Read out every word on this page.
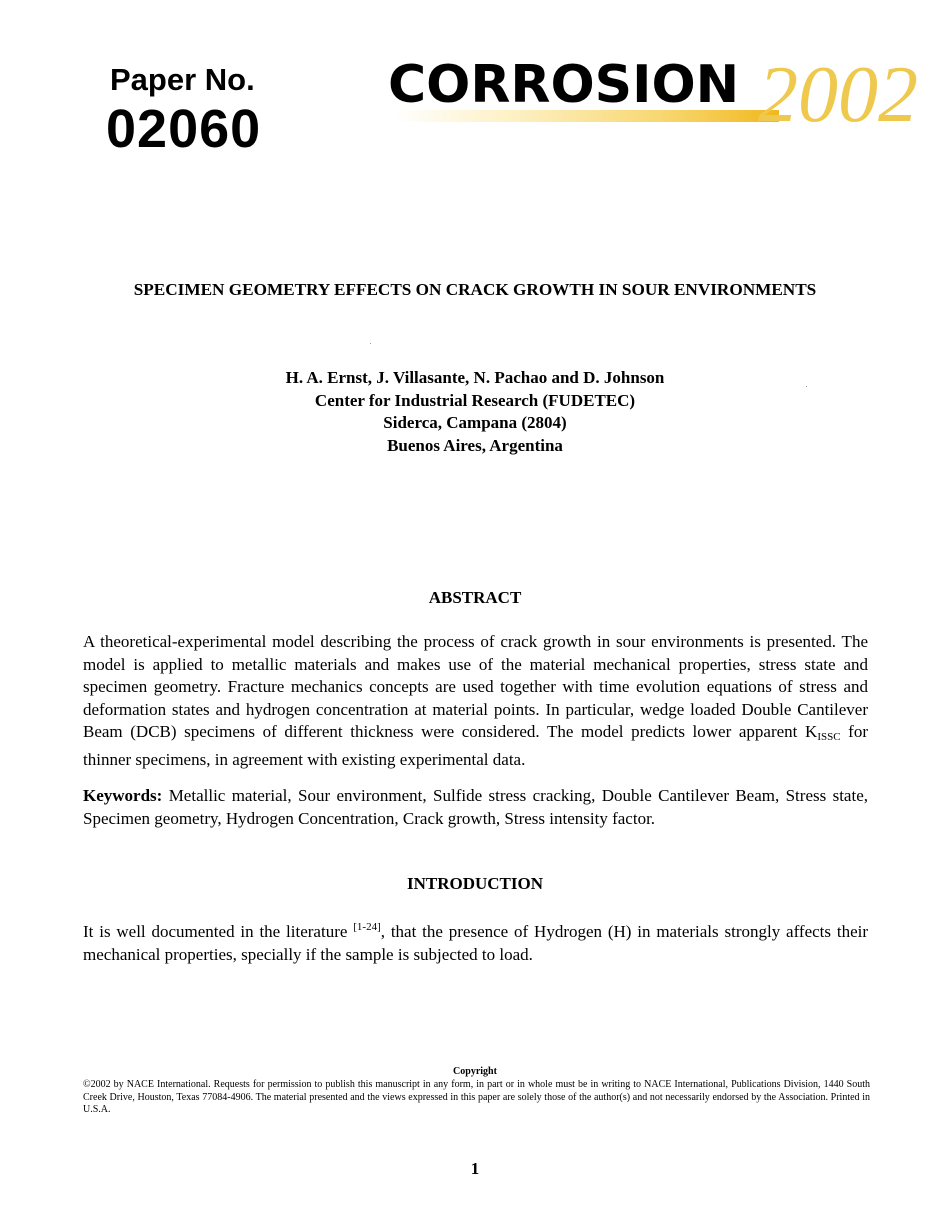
Paper No.
02060	2002
CORROSION
SPECIMEN GEOMETRY EFFECTS ON CRACK GROWTH IN SOUR ENVIRONMENTS
H. A. Ernst, J. Villasante, N. Pachao and D. Johnson
Center for Industrial Research (FUDETEC)
Siderca, Campana (2804)
Buenos Aires, Argentina
ABSTRACT
A theoretical-experimental model describing the process of crack growth in sour environments is presented. The model is applied to metallic materials and makes use of the material mechanical properties, stress state and specimen geometry. Fracture mechanics concepts are used together with time evolution equations of stress and deformation states and hydrogen concentration at material points. In particular, wedge loaded Double Cantilever Beam (DCB) specimens of different thickness were considered. The model predicts lower apparent $K_{ISSC}$ for thinner specimens, in agreement with existing experimental data.
Keywords: Metallic material, Sour environment, Sulfide stress cracking, Double Cantilever Beam, Stress state, Specimen geometry, Hydrogen Concentration, Crack growth, Stress intensity factor.
INTRODUCTION
It is well documented in the literature [1-24], that the presence of Hydrogen (H) in materials strongly affects their mechanical properties, specially if the sample is subjected to load.
Copyright
©2002 by NACE International. Requests for permission to publish this manuscript in any form, in part or in whole must be in writing to NACE International, Publications Division, 1440 South Creek Drive, Houston, Texas 77084-4906. The material presented and the views expressed in this paper are solely those of the author(s) and not necessarily endorsed by the Association. Printed in U.S.A.
1
